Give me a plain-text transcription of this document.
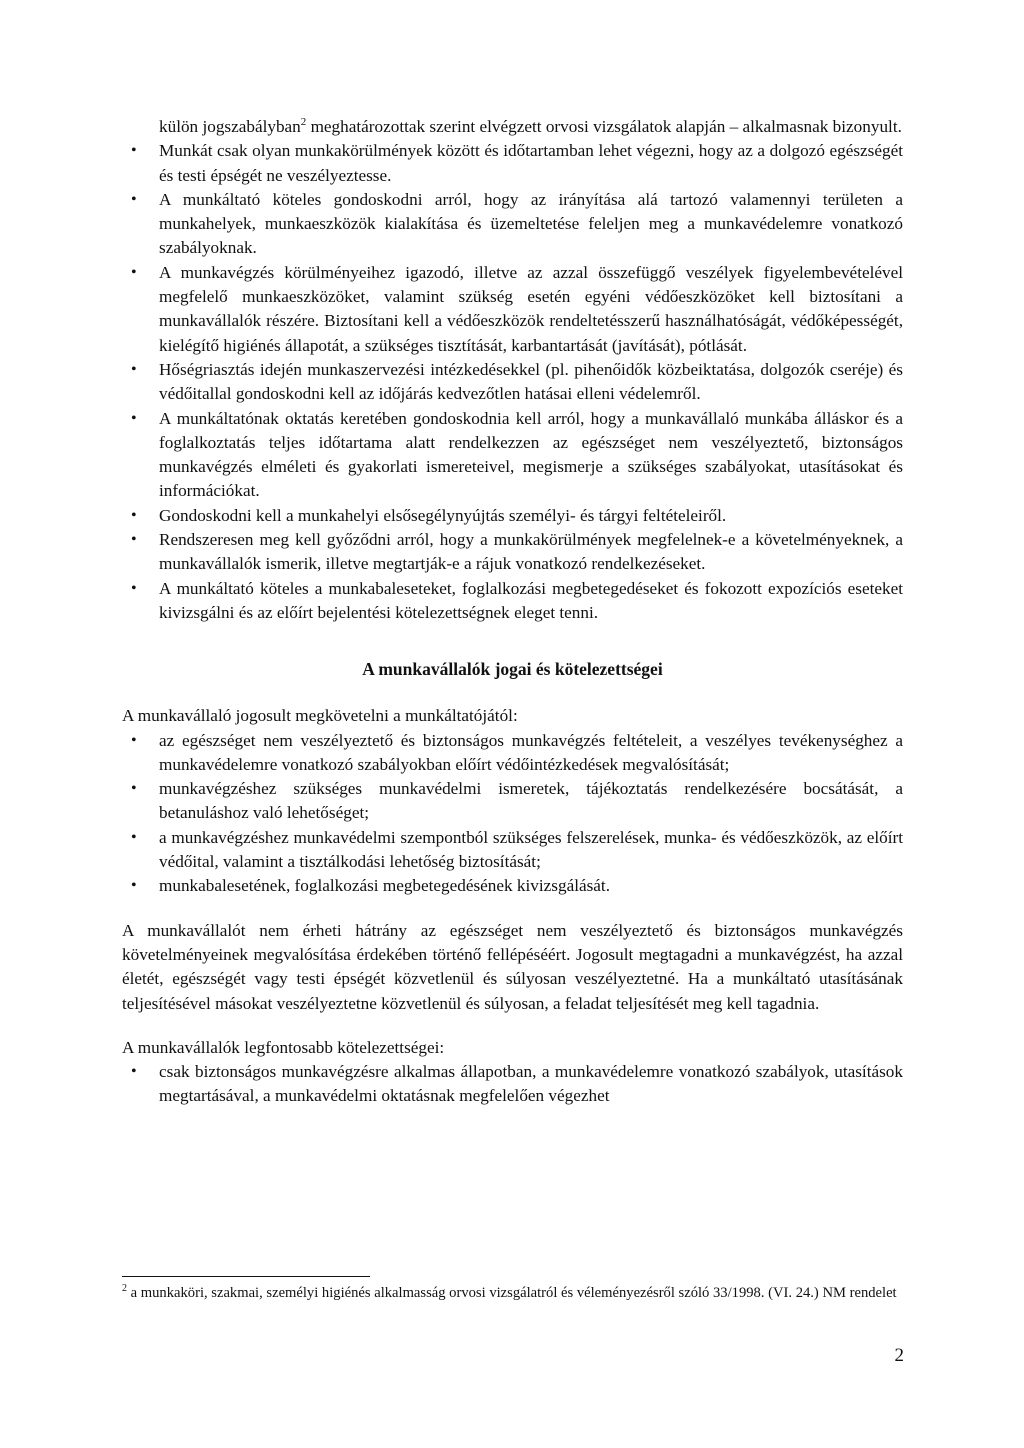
külön jogszabályban$^2$ meghatározottak szerint elvégzett orvosi vizsgálatok alapján – alkalmasnak bizonyult.

• Munkát csak olyan munkakörülmények között és időtartamban lehet végezni, hogy az a dolgozó egészségét és testi épségét ne veszélyeztesse.
• A munkáltató köteles gondoskodni arról, hogy az irányítása alá tartozó valamennyi területen a munkahelyek, munkaeszközök kialakítása és üzemeltetése feleljen meg a munkavédelemre vonatkozó szabályoknak.
• A munkavégzés körülményeihez igazodó, illetve az azzal összefüggő veszélyek figyelembevételével megfelelő munkaeszközöket, valamint szükség esetén egyéni védőeszközöket kell biztosítani a munkavállalók részére. Biztosítani kell a védőeszközök rendeltetésszerű használhatóságát, védőképességét, kielégítő higiénés állapotát, a szükséges tisztítását, karbantartását (javítását), pótlását.
• Hőségriasztás idején munkaszervezési intézkedésekkel (pl. pihenőidők közbeiktatása, dolgozók cseréje) és védőitallal gondoskodni kell az időjárás kedvezőtlen hatásai elleni védelemről.
• A munkáltatónak oktatás keretében gondoskodnia kell arról, hogy a munkavállaló munkába álláskor és a foglalkoztatás teljes időtartama alatt rendelkezzen az egészséget nem veszélyeztető, biztonságos munkavégzés elméleti és gyakorlati ismereteivel, megismerje a szükséges szabályokat, utasításokat és információkat.
• Gondoskodni kell a munkahelyi elsősegélynyújtás személyi- és tárgyi feltételeiről.
• Rendszeresen meg kell győződni arról, hogy a munkakörülmények megfelelnek-e a követelményeknek, a munkavállalók ismerik, illetve megtartják-e a rájuk vonatkozó rendelkezéseket.
• A munkáltató köteles a munkabaleseteket, foglalkozási megbetegedéseket és fokozott expozíciós eseteket kivizsgálni és az előírt bejelentési kötelezettségnek eleget tenni.
A munkavállalók jogai és kötelezettségei

A munkavállaló jogosult megkövetelni a munkáltatójától:

• az egészséget nem veszélyeztető és biztonságos munkavégzés feltételeit, a veszélyes tevékenységhez a munkavédelemre vonatkozó szabályokban előírt védőintézkedések megvalósítását;
• munkavégzéshez szükséges munkavédelmi ismeretek, tájékoztatás rendelkezésére bocsátását, a betanuláshoz való lehetőséget;
• a munkavégzéshez munkavédelmi szempontból szükséges felszerelések, munka- és védőeszközök, az előírt védőital, valamint a tisztálkodási lehetőség biztosítását;
• munkabalesetének, foglalkozási megbetegedésének kivizsgálását.

A munkavállalót nem érheti hátrány az egészséget nem veszélyeztető és biztonságos munkavégzés követelményeinek megvalósítása érdekében történő fellépéséért. Jogosult megtagadni a munkavégzést, ha azzal életét, egészségét vagy testi épségét közvetlenül és súlyosan veszélyeztetné. Ha a munkáltató utasításának teljesítésével másokat veszélyeztetne közvetlenül és súlyosan, a feladat teljesítését meg kell tagadnia.

A munkavállalók legfontosabb kötelezettségei:

• csak biztonságos munkavégzésre alkalmas állapotban, a munkavédelemre vonatkozó szabályok, utasítások megtartásával, a munkavédelmi oktatásnak megfelelően végezhet

$^2$ a munkaköri, szakmai, személyi higiénés alkalmasság orvosi vizsgálatról és véleményezésről szóló 33/1998. (VI. 24.) NM rendelet

2
